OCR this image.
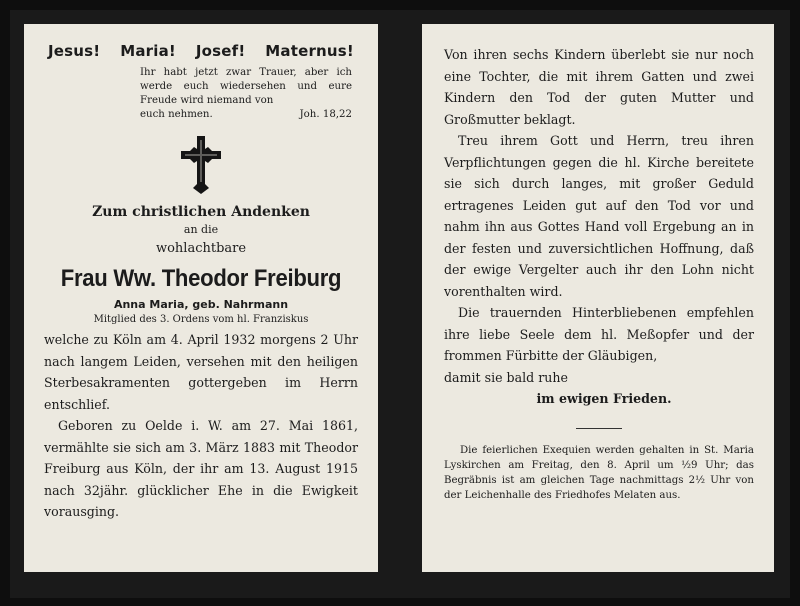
Jesus! Maria! Josef! Maternus!
Ihr habt jetzt zwar Trauer, aber ich werde euch wiedersehen und eure Freude wird niemand von
euch nehmen.	Joh. 18,22
Zum christlichen Andenken
an die
wohlachtbare
Frau Ww. Theodor Freiburg
Anna Maria, geb. Nahrmann
Mitglied des 3. Ordens vom hl. Franziskus

welche zu Köln am 4. April 1932 morgens 2 Uhr nach langem Leiden, versehen mit den heiligen Sterbesakramenten gottergeben im Herrn entschlief.

Geboren zu Oelde i. W. am 27. Mai 1861, vermählte sie sich am 3. März 1883 mit Theodor Freiburg aus Köln, der ihr am 13. August 1915 nach 32jähr. glücklicher Ehe in die Ewigkeit vorausging.

Von ihren sechs Kindern überlebt sie nur noch eine Tochter, die mit ihrem Gatten und zwei Kindern den Tod der guten Mutter und Großmutter beklagt.

Treu ihrem Gott und Herrn, treu ihren Verpflichtungen gegen die hl. Kirche bereitete sie sich durch langes, mit großer Geduld ertragenes Leiden gut auf den Tod vor und nahm ihn aus Gottes Hand voll Ergebung an in der festen und zuversichtlichen Hoffnung, daß der ewige Vergelter auch ihr den Lohn nicht vorenthalten wird.

Die trauernden Hinterbliebenen empfehlen ihre liebe Seele dem hl. Meßopfer und der frommen Fürbitte der Gläubigen,

damit sie bald ruhe
im ewigen Frieden.
Die feierlichen Exequien werden gehalten in St. Maria Lyskirchen am Freitag, den 8. April um ½9 Uhr; das Begräbnis ist am gleichen Tage nachmittags 2½ Uhr von der Leichenhalle des Friedhofes Melaten aus.
